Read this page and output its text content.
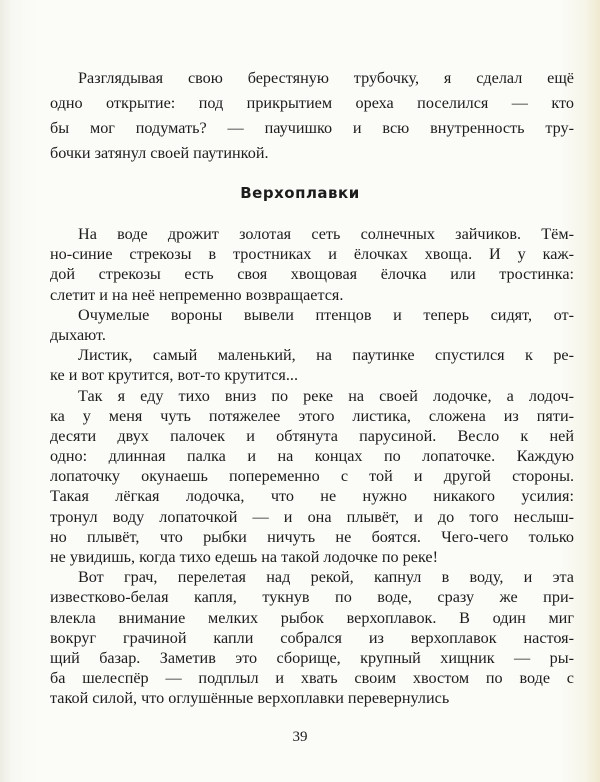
Разглядывая свою берестяную трубочку, я сделал ещё
одно открытие: под прикрытием ореха поселился — кто
бы мог подумать? — паучишко и всю внутренность тру-
бочки затянул своей паутинкой.
Верхоплавки
На воде дрожит золотая сеть солнечных зайчиков. Тём-
но-синие стрекозы в тростниках и ёлочках хвоща. И у каж-
дой стрекозы есть своя хвощовая ёлочка или тростинка:
слетит и на неё непременно возвращается.
Очумелые вороны вывели птенцов и теперь сидят, от-
дыхают.
Листик, самый маленький, на паутинке спустился к ре-
ке и вот крутится, вот-то крутится...
Так я еду тихо вниз по реке на своей лодочке, а лодоч-
ка у меня чуть потяжелее этого листика, сложена из пяти-
десяти двух палочек и обтянута парусиной. Весло к ней
одно: длинная палка и на концах по лопаточке. Каждую
лопаточку окунаешь попеременно с той и другой стороны.
Такая лёгкая лодочка, что не нужно никакого усилия:
тронул воду лопаточкой — и она плывёт, и до того неслыш-
но плывёт, что рыбки ничуть не боятся. Чего-чего только
не увидишь, когда тихо едешь на такой лодочке по реке!
Вот грач, перелетая над рекой, капнул в воду, и эта
известково-белая капля, тукнув по воде, сразу же при-
влекла внимание мелких рыбок верхоплавок. В один миг
вокруг грачиной капли собрался из верхоплавок настоя-
щий базар. Заметив это сборище, крупный хищник — ры-
ба шелеспёр — подплыл и хвать своим хвостом по воде с
такой силой, что оглушённые верхоплавки перевернулись
39
